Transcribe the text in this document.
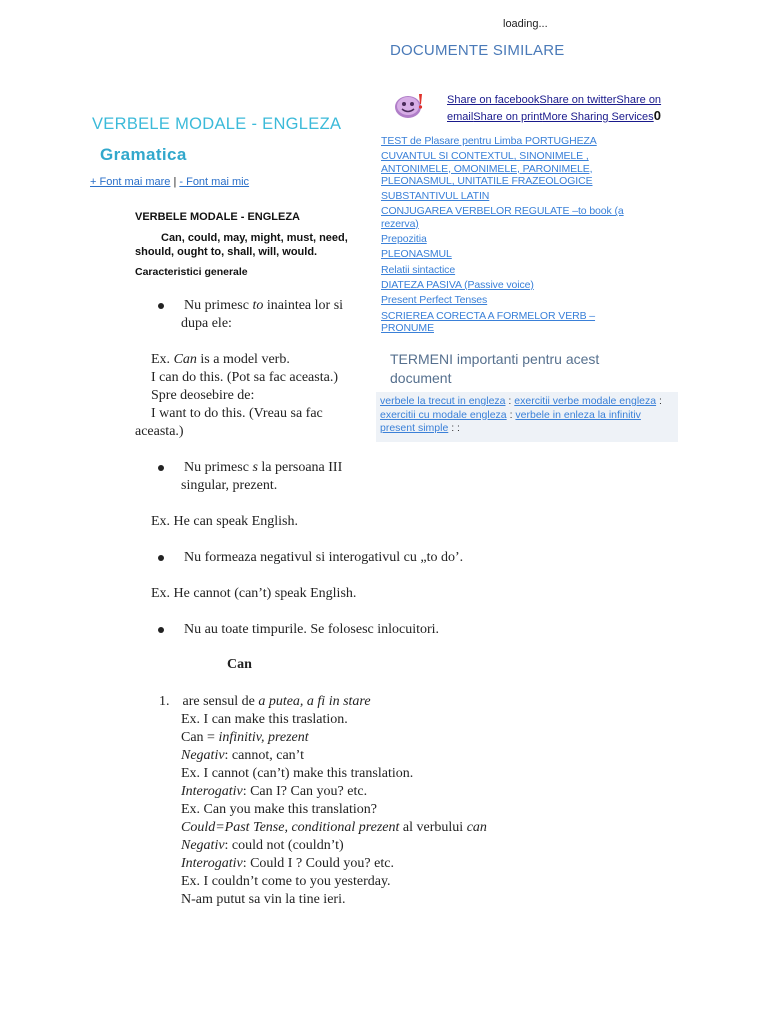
loading...
DOCUMENTE SIMILARE
Share on facebookShare on twitterShare on emailShare on printMore Sharing Services0
TEST de Plasare pentru Limba PORTUGHEZA
CUVANTUL SI CONTEXTUL, SINONIMELE , ANTONIMELE, OMONIMELE, PARONIMELE, PLEONASMUL, UNITATILE FRAZEOLOGICE
SUBSTANTIVUL LATIN
CONJUGAREA VERBELOR REGULATE –to book (a rezerva)
Prepozitia
PLEONASMUL
Relatii sintactice
DIATEZA PASIVA (Passive voice)
Present Perfect Tenses
SCRIEREA CORECTA A FORMELOR VERB – PRONUME
TERMENI importanti pentru acest document
verbele la trecut in engleza : exercitii verbe modale engleza : exercitii cu modale engleza : verbele in enleza la infinitiv present simple : :
VERBELE MODALE - ENGLEZA
Gramatica
+ Font mai mare | - Font mai mic
VERBELE MODALE - ENGLEZA
Can, could, may, might, must, need, should, ought to, shall, will, would.
Caracteristici generale
Nu primesc to inaintea lor si
dupa ele:
Ex. Can is a model verb.
I can do this. (Pot sa fac aceasta.)
Spre deosebire de:
I want to do this. (Vreau sa fac
aceasta.)
Nu primesc s la persoana III
singular, prezent.
Ex. He can speak English.
Nu formeaza negativul si interogativul cu „to do’.
Ex. He cannot (can’t) speak English.
Nu au toate timpurile. Se folosesc inlocuitori.
Can
1. are sensul de a putea, a fi in stare
Ex. I can make this traslation.
Can = infinitiv, prezent
Negativ: cannot, can’t
Ex. I cannot (can’t) make this translation.
Interogativ: Can I? Can you? etc.
Ex. Can you make this translation?
Could=Past Tense, conditional prezent al verbului can
Negativ: could not (couldn’t)
Interogativ: Could I ? Could you? etc.
Ex. I couldn’t come to you yesterday.
N-am putut sa vin la tine ieri.
